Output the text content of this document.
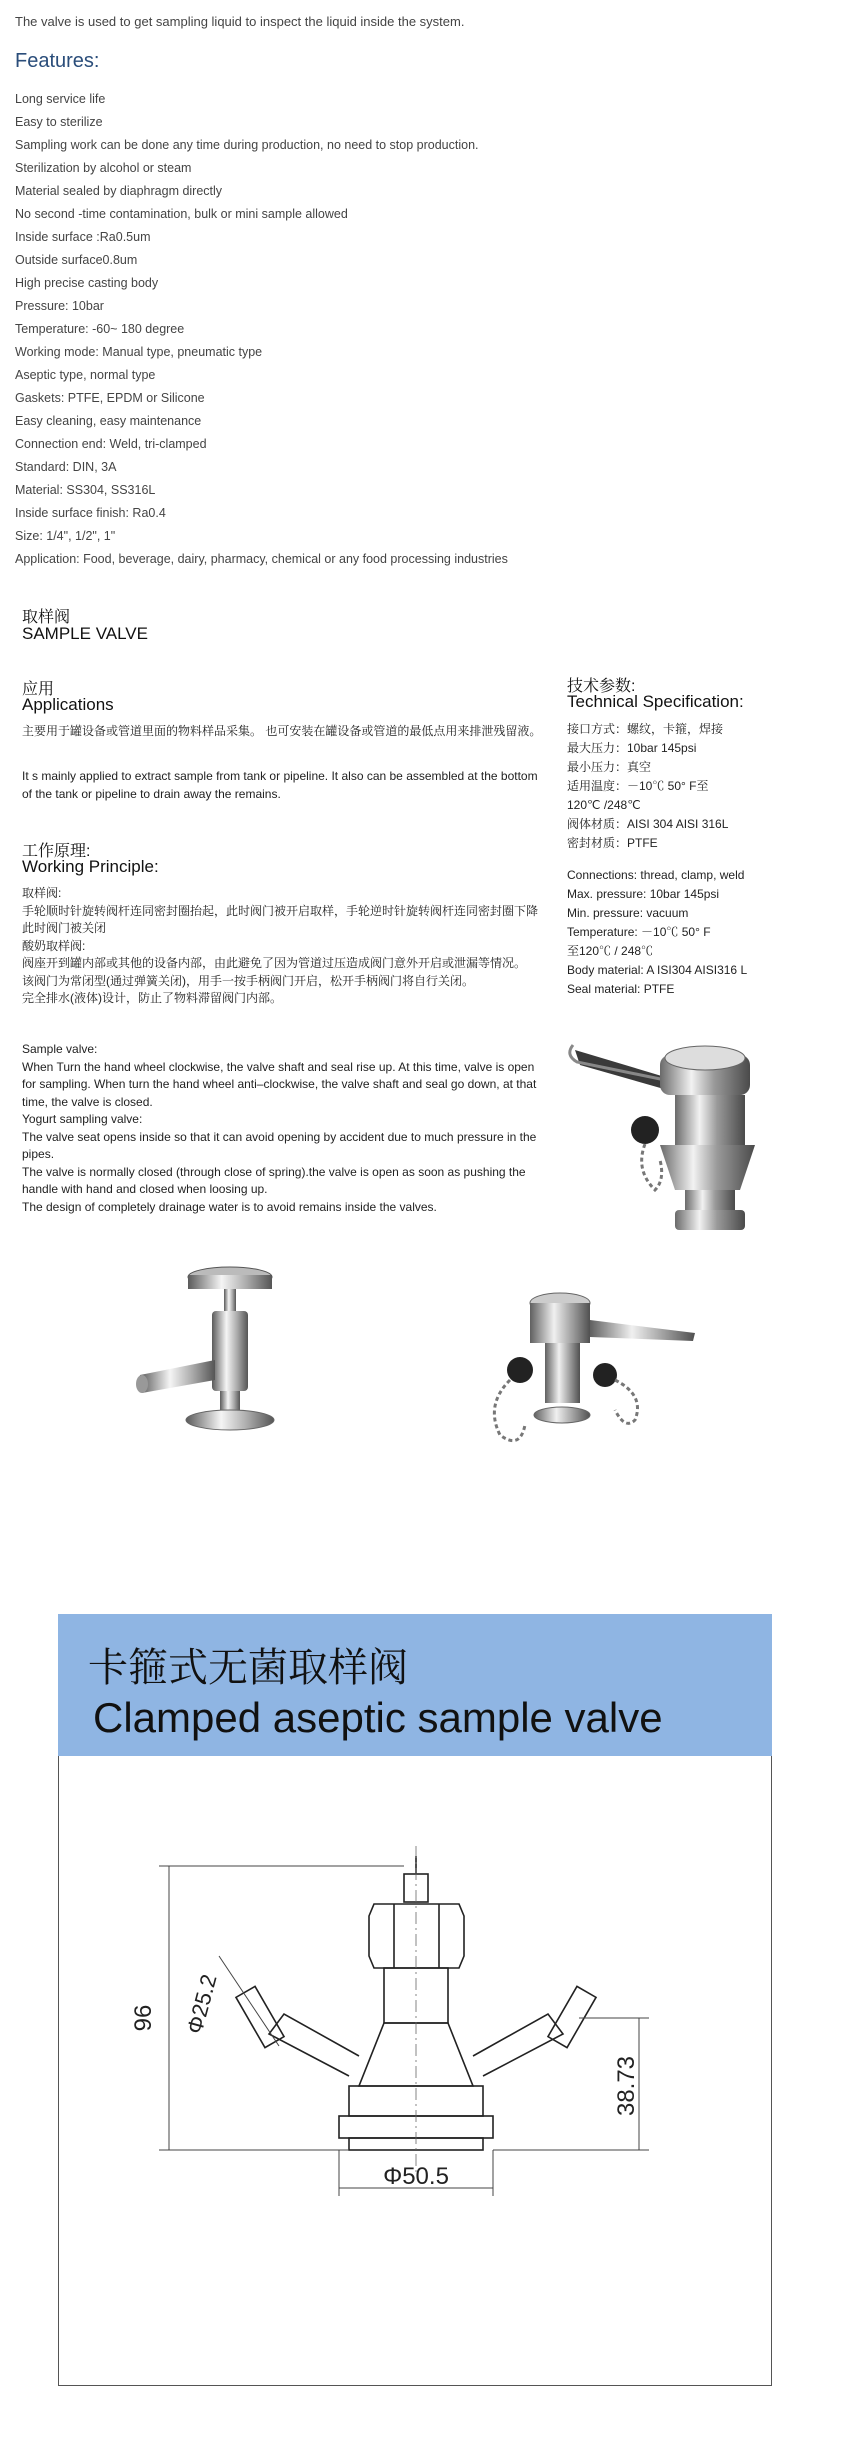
The valve is used to get sampling liquid to inspect the liquid inside the system.
Features:
Long service life
Easy to sterilize
Sampling work can be done any time during production, no need to stop production.
Sterilization by alcohol or steam
Material sealed by diaphragm directly
No second -time contamination, bulk or mini sample allowed
Inside surface :Ra0.5um
Outside surface0.8um
High precise casting body
Pressure: 10bar
Temperature: -60~ 180 degree
Working mode: Manual type, pneumatic type
Aseptic type, normal type
Gaskets: PTFE, EPDM or Silicone
Easy cleaning, easy maintenance
Connection end: Weld, tri-clamped
Standard: DIN, 3A
Material: SS304, SS316L
Inside surface finish: Ra0.4
Size: 1/4", 1/2", 1"
Application: Food, beverage, dairy, pharmacy, chemical or any food processing industries
取样阀
SAMPLE VALVE
应用
Applications
主要用于罐设备或管道里面的物料样品采集。 也可安装在罐设备或管道的最低点用来排泄残留液。
It s mainly applied to extract sample from tank or pipeline. It also can be assembled at the bottom of the tank or pipeline to drain away the remains.
工作原理:
Working Principle:
取样阀:
手轮顺时针旋转阀杆连同密封圈抬起，此时阀门被开启取样，手轮逆时针旋转阀杆连同密封圈下降此时阀门被关闭
酸奶取样阀:
阀座开到罐内部或其他的设备内部，由此避免了因为管道过压造成阀门意外开启或泄漏等情况。
该阀门为常闭型(通过弹簧关闭)，用手一按手柄阀门开启，松开手柄阀门将自行关闭。
完全排水(液体)设计，防止了物料滞留阀门内部。
Sample valve:
When Turn the hand wheel clockwise, the valve shaft and seal rise up. At this time, valve is open for sampling. When turn the hand wheel anti–clockwise, the valve shaft and seal go down, at that time, the valve is closed.
Yogurt sampling valve:
The valve seat opens inside so that it can avoid opening by accident due to much pressure in the pipes.
The valve is normally closed (through close of spring).the valve is open as soon as pushing the handle with hand and closed when loosing up.
The design of completely drainage water is to avoid remains inside the valves.
技术参数:
Technical Specification:
接口方式：螺纹，卡箍，焊接
最大压力：10bar 145psi
最小压力：真空
适用温度：－10℃ 50° F至
120℃ /248℃
阀体材质：AISI 304 AISI 316L
密封材质：PTFE
Connections: thread, clamp, weld
Max. pressure: 10bar 145psi
Min. pressure: vacuum
Temperature: －10℃ 50° F
至120℃ / 248℃
Body material: A ISI304 AISI316 L
Seal material: PTFE
卡箍式无菌取样阀
Clamped aseptic sample valve
96 Φ25.2
38.73
Φ50.5
